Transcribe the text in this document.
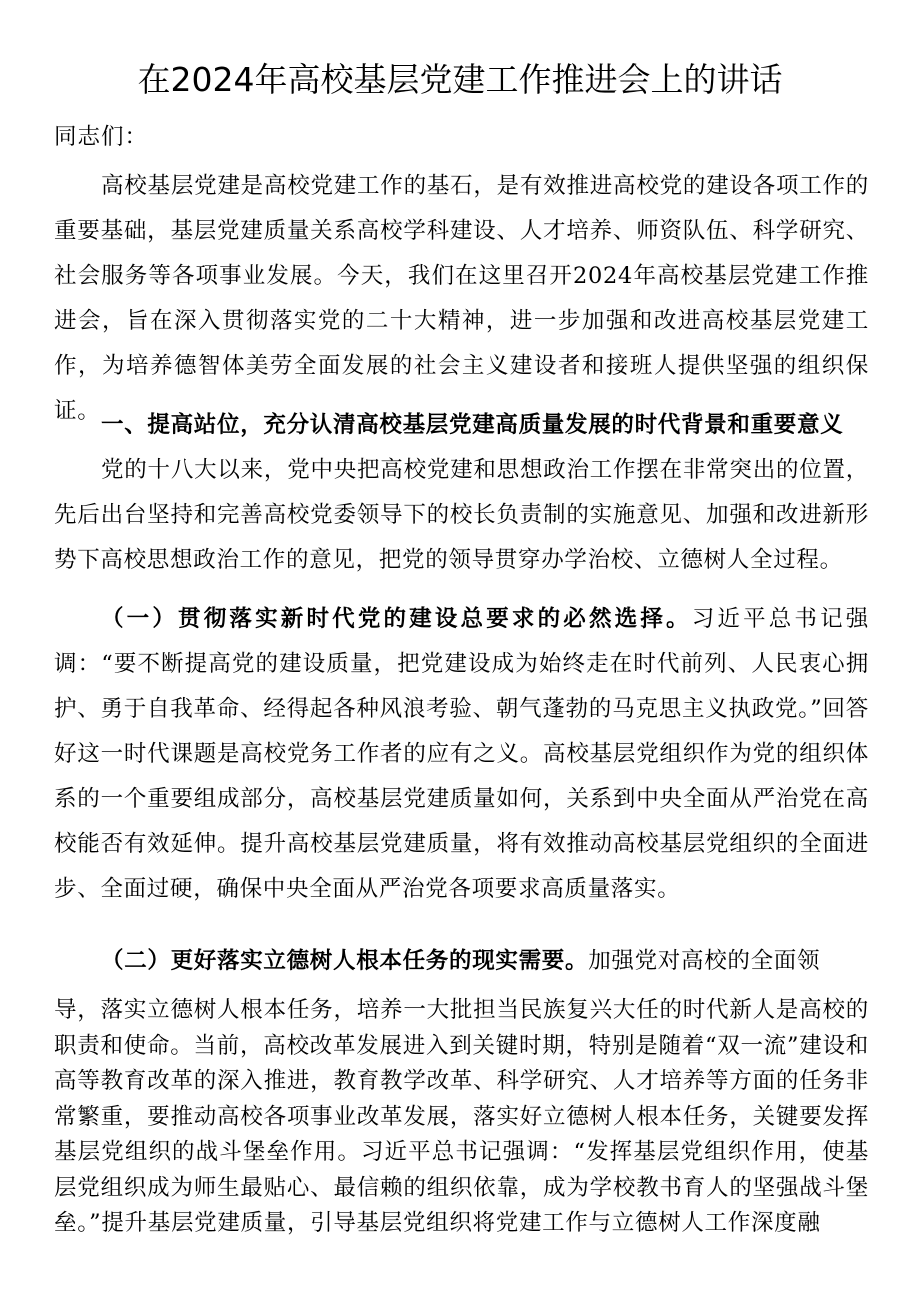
在2024年高校基层党建工作推进会上的讲话

同志们：

高校基层党建是高校党建工作的基石，是有效推进高校党的建设各项工作的重要基础，基层党建质量关系高校学科建设、人才培养、师资队伍、科学研究、社会服务等各项事业发展。今天，我们在这里召开2024年高校基层党建工作推进会，旨在深入贯彻落实党的二十大精神，进一步加强和改进高校基层党建工作，为培养德智体美劳全面发展的社会主义建设者和接班人提供坚强的组织保证。

一、提高站位，充分认清高校基层党建高质量发展的时代背景和重要意义

党的十八大以来，党中央把高校党建和思想政治工作摆在非常突出的位置，先后出台坚持和完善高校党委领导下的校长负责制的实施意见、加强和改进新形势下高校思想政治工作的意见，把党的领导贯穿办学治校、立德树人全过程。

（一）贯彻落实新时代党的建设总要求的必然选择。习近平总书记强调：“要不断提高党的建设质量，把党建设成为始终走在时代前列、人民衷心拥护、勇于自我革命、经得起各种风浪考验、朝气蓬勃的马克思主义执政党。”回答好这一时代课题是高校党务工作者的应有之义。高校基层党组织作为党的组织体系的一个重要组成部分，高校基层党建质量如何，关系到中央全面从严治党在高校能否有效延伸。提升高校基层党建质量，将有效推动高校基层党组织的全面进步、全面过硬，确保中央全面从严治党各项要求高质量落实。

（二）更好落实立德树人根本任务的现实需要。加强党对高校的全面领

导，落实立德树人根本任务，培养一大批担当民族复兴大任的时代新人是高校的职责和使命。当前，高校改革发展进入到关键时期，特别是随着“双一流”建设和高等教育改革的深入推进，教育教学改革、科学研究、人才培养等方面的任务非常繁重，要推动高校各项事业改革发展，落实好立德树人根本任务，关键要发挥基层党组织的战斗堡垒作用。习近平总书记强调：“发挥基层党组织作用，使基层党组织成为师生最贴心、最信赖的组织依靠，成为学校教书育人的坚强战斗堡垒。”提升基层党建质量，引导基层党组织将党建工作与立德树人工作深度融
